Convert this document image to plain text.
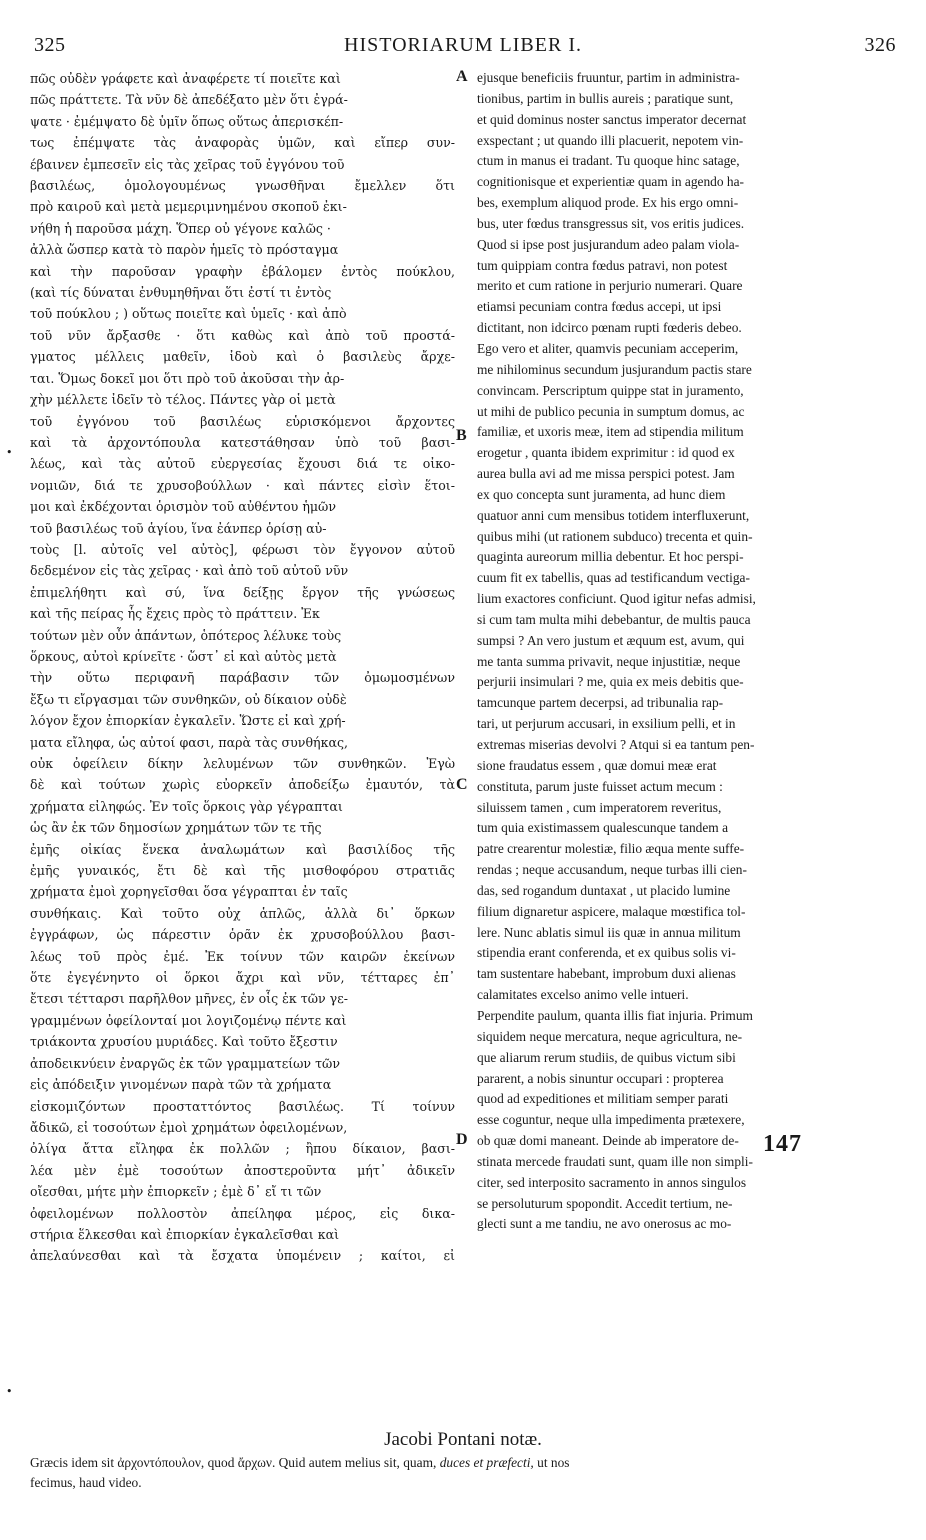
325	HISTORIARUM LIBER I.	326
πῶς οὐδὲν γράφετε καὶ ἀναφέρετε τί ποιεῖτε καὶ
πῶς πράττετε. Τὰ νῦν δὲ ἀπεδέξατο μὲν ὅτι ἐγρά-
ψατε · ἐμέμψατο δὲ ὑμῖν ὅπως οὕτως ἀπερισκέπ-
τως ἐπέμψατε τὰς ἀναφορὰς ὑμῶν, καὶ εἴπερ συν-
έβαινεν ἐμπεσεῖν εἰς τὰς χεῖρας τοῦ ἐγγόνου τοῦ
βασιλέως, ὁμολογουμένως γνωσθῆναι ἔμελλεν ὅτι
πρὸ καιροῦ καὶ μετὰ μεμεριμνημένου σκοποῦ ἐκι-
νήθη ἡ παροῦσα μάχη. Ὅπερ οὐ γέγονε καλῶς ·
ἀλλὰ ὥσπερ κατὰ τὸ παρὸν ἡμεῖς τὸ πρόσταγμα
καὶ τὴν παροῦσαν γραφὴν ἐβάλομεν ἐντὸς πούκλου,
(καὶ τίς δύναται ἐνθυμηθῆναι ὅτι ἐστί τι ἐντὸς
τοῦ πούκλου ; ) οὕτως ποιεῖτε καὶ ὑμεῖς · καὶ ἀπὸ
τοῦ νῦν ἄρξασθε · ὅτι καθὼς καὶ ἀπὸ τοῦ προστά-
γματος μέλλεις μαθεῖν, ἰδοὺ καὶ ὁ βασιλεὺς ἄρχε-
ται. Ὅμως δοκεῖ μοι ὅτι πρὸ τοῦ ἀκοῦσαι τὴν ἀρ-
χὴν μέλλετε ἰδεῖν τὸ τέλος. Πάντες γὰρ οἱ μετὰ
τοῦ ἐγγόνου τοῦ βασιλέως εὑρισκόμενοι ἄρχοντες
καὶ τὰ ἀρχοντόπουλα κατεστάθησαν ὑπὸ τοῦ βασι-
λέως, καὶ τὰς αὐτοῦ εὐεργεσίας ἔχουσι διά τε οἰκο-
νομιῶν, διά τε χρυσοβούλλων · καὶ πάντες εἰσὶν ἕτοι-
μοι καὶ ἐκδέχονται ὁρισμὸν τοῦ αὐθέντου ἡμῶν
τοῦ βασιλέως τοῦ ἁγίου, ἵνα ἐάνπερ ὁρίσῃ αὐ-
τοὺς [l. αὐτοῖς vel αὐτὸς], φέρωσι τὸν ἔγγονον αὐτοῦ
δεδεμένον εἰς τὰς χεῖρας · καὶ ἀπὸ τοῦ αὐτοῦ νῦν
ἐπιμελήθητι καὶ σύ, ἵνα δείξῃς ἔργον τῆς γνώσεως
καὶ τῆς πείρας ἧς ἔχεις πρὸς τὸ πράττειν. Ἐκ
τούτων μὲν οὖν ἁπάντων, ὁπότερος λέλυκε τοὺς
ὅρκους, αὐτοὶ κρίνεῖτε · ὥστ᾽ εἰ καὶ αὐτὸς μετὰ
τὴν οὕτω περιφανῆ παράβασιν τῶν ὀμωμοσμένων
ἔξω τι εἴργασμαι τῶν συνθηκῶν, οὐ δίκαιον οὐδὲ
λόγον ἔχον ἐπιορκίαν ἐγκαλεῖν. Ὥστε εἰ καὶ χρή-
ματα εἴληφα, ὡς αὐτοί φασι, παρὰ τὰς συνθήκας,
οὐκ ὀφείλειν δίκην λελυμένων τῶν συνθηκῶν. Ἐγὼ
δὲ καὶ τούτων χωρὶς εὐορκεῖν ἀποδείξω ἐμαυτόν, τὰ
χρήματα εἰληφώς. Ἐν τοῖς ὅρκοις γὰρ γέγραπται
ὡς ἂν ἐκ τῶν δημοσίων χρημάτων τῶν τε τῆς
ἐμῆς οἰκίας ἕνεκα ἀναλωμάτων καὶ βασιλίδος τῆς
ἐμῆς γυναικός, ἔτι δὲ καὶ τῆς μισθοφόρου στρατιᾶς
χρήματα ἐμοὶ χορηγεῖσθαι ὅσα γέγραπται ἐν ταῖς
συνθήκαις. Καὶ τοῦτο οὐχ ἁπλῶς, ἀλλὰ δι᾽ ὅρκων
ἐγγράφων, ὡς πάρεστιν ὁρᾶν ἐκ χρυσοβούλλου βασι-
λέως τοῦ πρὸς ἐμέ. Ἐκ τοίνυν τῶν καιρῶν ἐκείνων
ὅτε ἐγεγένηντο οἱ ὅρκοι ἄχρι καὶ νῦν, τέτταρες ἐπ᾽
ἔτεσι τέτταρσι παρῆλθον μῆνες, ἐν οἷς ἐκ τῶν γε-
γραμμένων ὀφείλονταί μοι λογιζομένῳ πέντε καὶ
τριάκοντα χρυσίου μυριάδες. Καὶ τοῦτο ἔξεστιν
ἀποδεικνύειν ἐναργῶς ἐκ τῶν γραμματείων τῶν
εἰς ἀπόδειξιν γινομένων παρὰ τῶν τὰ χρήματα
εἰσκομιζόντων προσταττόντος βασιλέως. Τί τοίνυν
ἄδικῶ, εἰ τοσούτων ἐμοὶ χρημάτων ὀφειλομένων,
ὀλίγα ἄττα εἴληφα ἐκ πολλῶν ; ἢπου δίκαιον, βασι-
λέα μὲν ἐμὲ τοσούτων ἀποστεροῦντα μήτ᾽ ἀδικεῖν
οἴεσθαι, μήτε μὴν ἐπιορκεῖν ; ἐμὲ δ᾽ εἴ τι τῶν
ὀφειλομένων πολλοστὸν ἀπείληφα μέρος, εἰς δικα-
στήρια ἕλκεσθαι καὶ ἐπιορκίαν ἐγκαλεῖσθαι καὶ
ἀπελαύνεσθαι καὶ τὰ ἔσχατα ὑπομένειν ; καίτοι, εἰ
ejusque beneficiis fruuntur, partim in administra-
tionibus, partim in bullis aureis ; paratique sunt,
et quid dominus noster sanctus imperator decernat
exspectant ; ut quando illi placuerit, nepotem vin-
ctum in manus ei tradant. Tu quoque hinc satage,
cognitionisque et experientiæ quam in agendo ha-
bes, exemplum aliquod prode. Ex his ergo omni-
bus, uter fœdus transgressus sit, vos eritis judices.
Quod si ipse post jusjurandum adeo palam viola-
tum quippiam contra fœdus patravi, non potest
merito et cum ratione in perjurio numerari. Quare
etiamsi pecuniam contra fœdus accepi, ut ipsi
dictitant, non idcirco pœnam rupti fœderis debeo.
Ego vero et aliter, quamvis pecuniam acceperim,
me nihilominus secundum jusjurandum pactis stare
convincam. Perscriptum quippe stat in juramento,
ut mihi de publico pecunia in sumptum domus, ac
familiæ, et uxoris meæ, item ad stipendia militum
erogetur , quanta ibidem exprimitur : id quod ex
aurea bulla avi ad me missa perspici potest. Jam
ex quo concepta sunt juramenta, ad hunc diem
quatuor anni cum mensibus totidem interfluxerunt,
quibus mihi (ut rationem subduco) trecenta et quin-
quaginta aureorum millia debentur. Et hoc perspi-
cuum fit ex tabellis, quas ad testificandum vectiga-
lium exactores conficiunt. Quod igitur nefas admisi,
si cum tam multa mihi debebantur, de multis pauca
sumpsi ? An vero justum et æquum est, avum, qui
me tanta summa privavit, neque injustitiæ, neque
perjurii insimulari ? me, quia ex meis debitis que-
tamcunque partem decerpsi, ad tribunalia rap-
tari, ut perjurum accusari, in exsilium pelli, et in
extremas miserias devolvi ? Atqui si ea tantum pen-
sione fraudatus essem , quæ domui meæ erat
constituta, parum juste fuisset actum mecum :
siluissem tamen , cum imperatorem reveritus,
tum quia existimassem qualescunque tandem a
patre crearentur molestiæ, filio æqua mente suffe-
rendas ; neque accusandum, neque turbas illi cien-
das, sed rogandum duntaxat , ut placido lumine
filium dignaretur aspicere, malaque mœstifica tol-
lere. Nunc ablatis simul iis quæ in annua militum
stipendia erant conferenda, et ex quibus solis vi-
tam sustentare habebant, improbum duxi alienas
calamitates excelso animo velle intueri.
Perpendite paulum, quanta illis fiat injuria. Primum
siquidem neque mercatura, neque agricultura, ne-
que aliarum rerum studiis, de quibus victum sibi
pararent, a nobis sinuntur occupari : propterea
quod ad expeditiones et militiam semper parati
esse coguntur, neque ulla impedimenta prætexere,
ob quæ domi maneant. Deinde ab imperatore de-
stinata mercede fraudati sunt, quam ille non simpli-
citer, sed interposito sacramento in annos singulos
se persoluturum spopondit. Accedit tertium, ne-
glecti sunt a me tandiu, ne avo onerosus ac mo-
A
B
C
D
•
•
147
Jacobi Pontani notæ.
Græcis idem sit ἀρχοντόπουλον, quod ἄρχων. Quid autem melius sit, quam, duces et præfecti, ut nos
fecimus, haud video.
